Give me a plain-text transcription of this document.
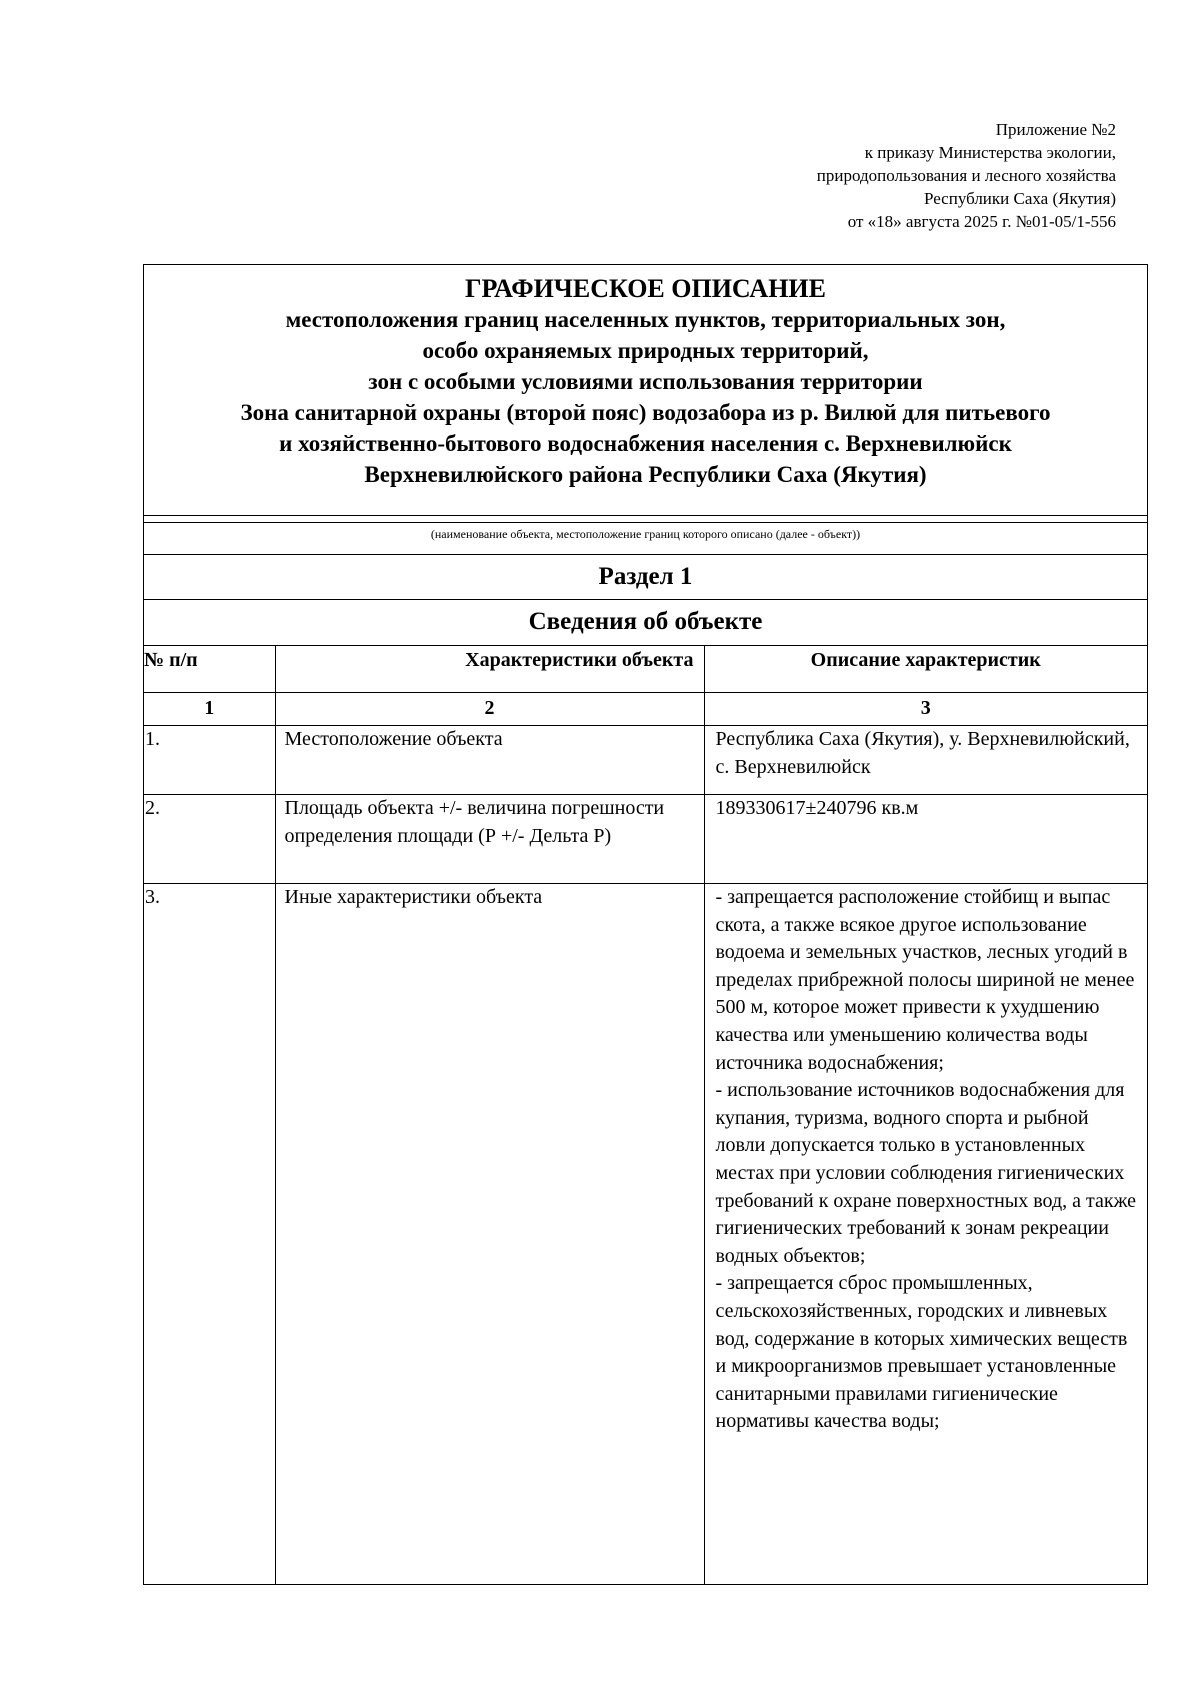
Приложение №2
к приказу Министерства экологии,
природопользования и лесного хозяйства
Республики Саха (Якутия)
от «18» августа 2025 г. №01-05/1-556
ГРАФИЧЕСКОЕ ОПИСАНИЕ
местоположения границ населенных пунктов, территориальных зон,
особо охраняемых природных территорий,
зон с особыми условиями использования территории
Зона санитарной охраны (второй пояс) водозабора из р. Вилюй для питьевого
и хозяйственно-бытового водоснабжения населения с. Верхневилюйск
Верхневилюйского района Республики Саха (Якутия)
(наименование объекта, местоположение границ которого описано (далее - объект))
Раздел 1
Сведения об объекте
№ п/п	Характеристики объекта	Описание характеристик
1	2	3
1.	Местоположение объекта	Республика Саха (Якутия), у. Верхневилюйский, с. Верхневилюйск
2.	Площадь объекта +/- величина погрешности определения площади (Р +/- Дельта Р)	189330617±240796 кв.м
3.	Иные характеристики объекта	- запрещается расположение стойбищ и выпас скота, а также всякое другое использование водоема и земельных участков, лесных угодий в пределах прибрежной полосы шириной не менее 500 м, которое может привести к ухудшению качества или уменьшению количества воды источника водоснабжения;
- использование источников водоснабжения для купания, туризма, водного спорта и рыбной ловли допускается только в установленных местах при условии соблюдения гигиенических требований к охране поверхностных вод, а также гигиенических требований к зонам рекреации водных объектов;
- запрещается сброс промышленных, сельскохозяйственных, городских и ливневых вод, содержание в которых химических веществ и микроорганизмов превышает установленные санитарными правилами гигиенические нормативы качества воды;
